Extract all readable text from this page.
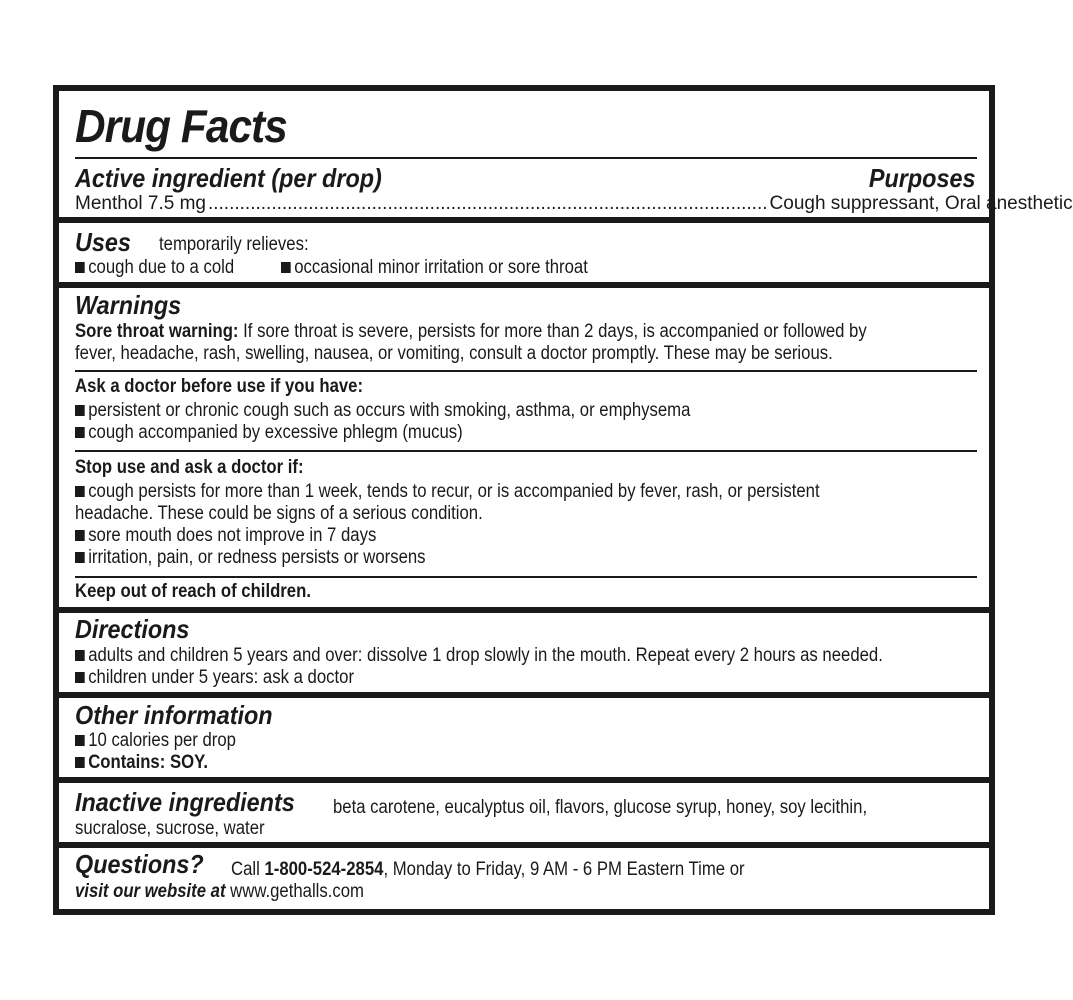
Drug Facts
Active ingredient (per drop)	Purposes
Menthol 7.5 mg .......................................................................................................... Cough suppressant, Oral anesthetic
Uses temporarily relieves:
cough due to a cold	occasional minor irritation or sore throat
Warnings
Sore throat warning: If sore throat is severe, persists for more than 2 days, is accompanied or followed by
fever, headache, rash, swelling, nausea, or vomiting, consult a doctor promptly. These may be serious.
Ask a doctor before use if you have:
persistent or chronic cough such as occurs with smoking, asthma, or emphysema
cough accompanied by excessive phlegm (mucus)
Stop use and ask a doctor if:
cough persists for more than 1 week, tends to recur, or is accompanied by fever, rash, or persistent
headache. These could be signs of a serious condition.
sore mouth does not improve in 7 days
irritation, pain, or redness persists or worsens
Keep out of reach of children.
Directions
adults and children 5 years and over: dissolve 1 drop slowly in the mouth. Repeat every 2 hours as needed.
children under 5 years: ask a doctor
Other information
10 calories per drop
Contains: SOY.
Inactive ingredients beta carotene, eucalyptus oil, flavors, glucose syrup, honey, soy lecithin,
sucralose, sucrose, water
Questions? Call 1-800-524-2854, Monday to Friday, 9 AM - 6 PM Eastern Time or
visit our website at www.gethalls.com
